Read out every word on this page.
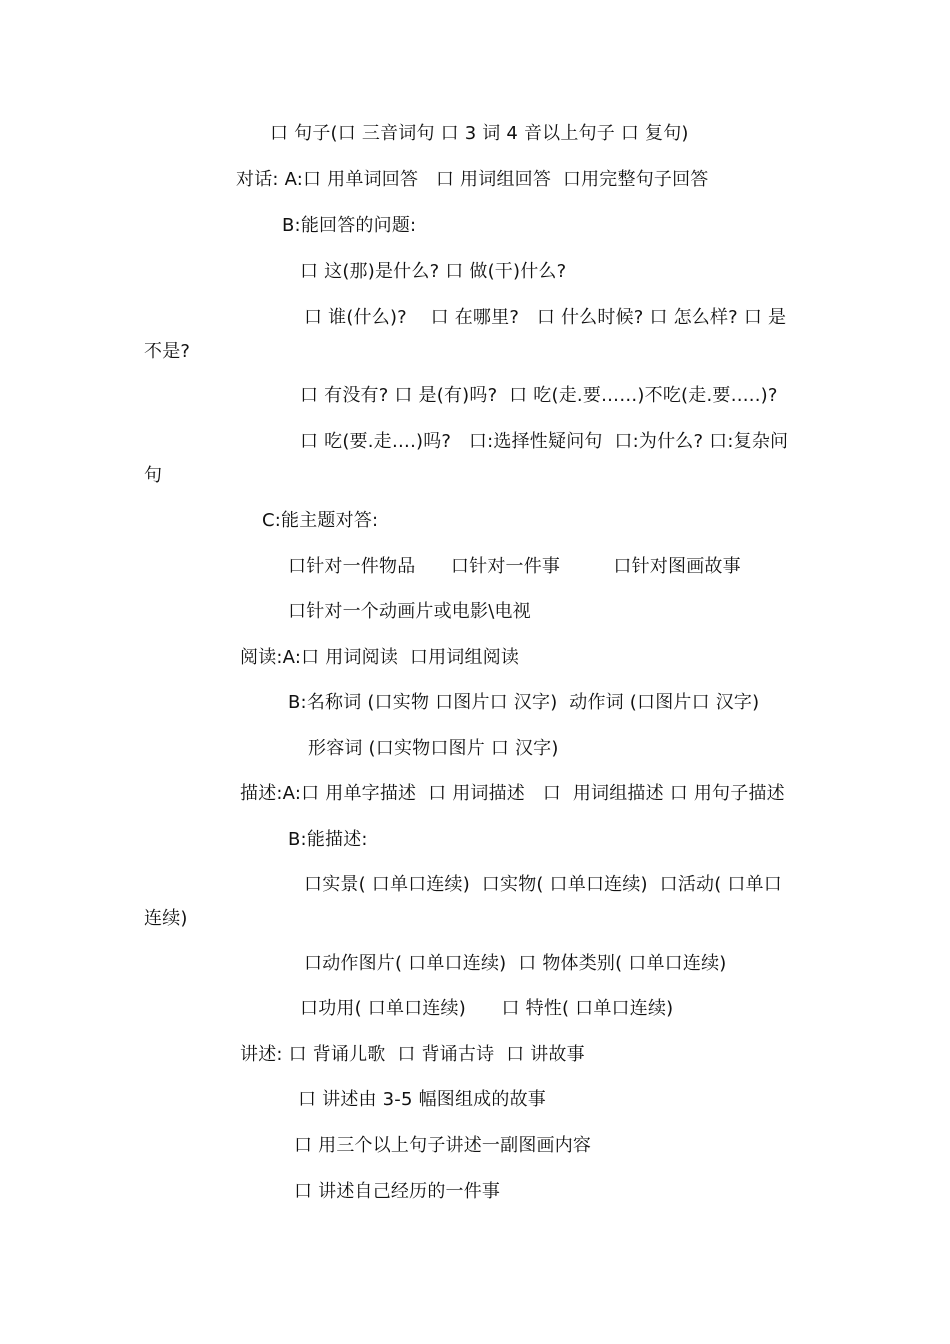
口 句子(口 三音词句 口 3 词 4 音以上句子 口 复句)
对话: A:口 用单词回答   口 用词组回答  口用完整句子回答
B:能回答的问题:
口 这(那)是什么? 口 做(干)什么?
口 谁(什么)?    口 在哪里?   口 什么时候? 口 怎么样? 口 是
不是?
口 有没有? 口 是(有)吗?  口 吃(走.要……)不吃(走.要…..)?
口 吃(要.走….)吗?   口:选择性疑问句  口:为什么? 口:复杂问
句
C:能主题对答:
口针对一件物品      口针对一件事         口针对图画故事
口针对一个动画片或电影\电视
阅读:A:口 用词阅读  口用词组阅读
B:名称词 (口实物 口图片口 汉字)  动作词 (口图片口 汉字)
形容词 (口实物口图片 口 汉字)
描述:A:口 用单字描述  口 用词描述   口  用词组描述 口 用句子描述
B:能描述:
口实景( 口单口连续)  口实物( 口单口连续)  口活动( 口单口
连续)
口动作图片( 口单口连续)  口 物体类别( 口单口连续)
口功用( 口单口连续)      口 特性( 口单口连续)
讲述: 口 背诵儿歌  口 背诵古诗  口 讲故事
口 讲述由 3-5 幅图组成的故事
口 用三个以上句子讲述一副图画内容
口 讲述自己经历的一件事
